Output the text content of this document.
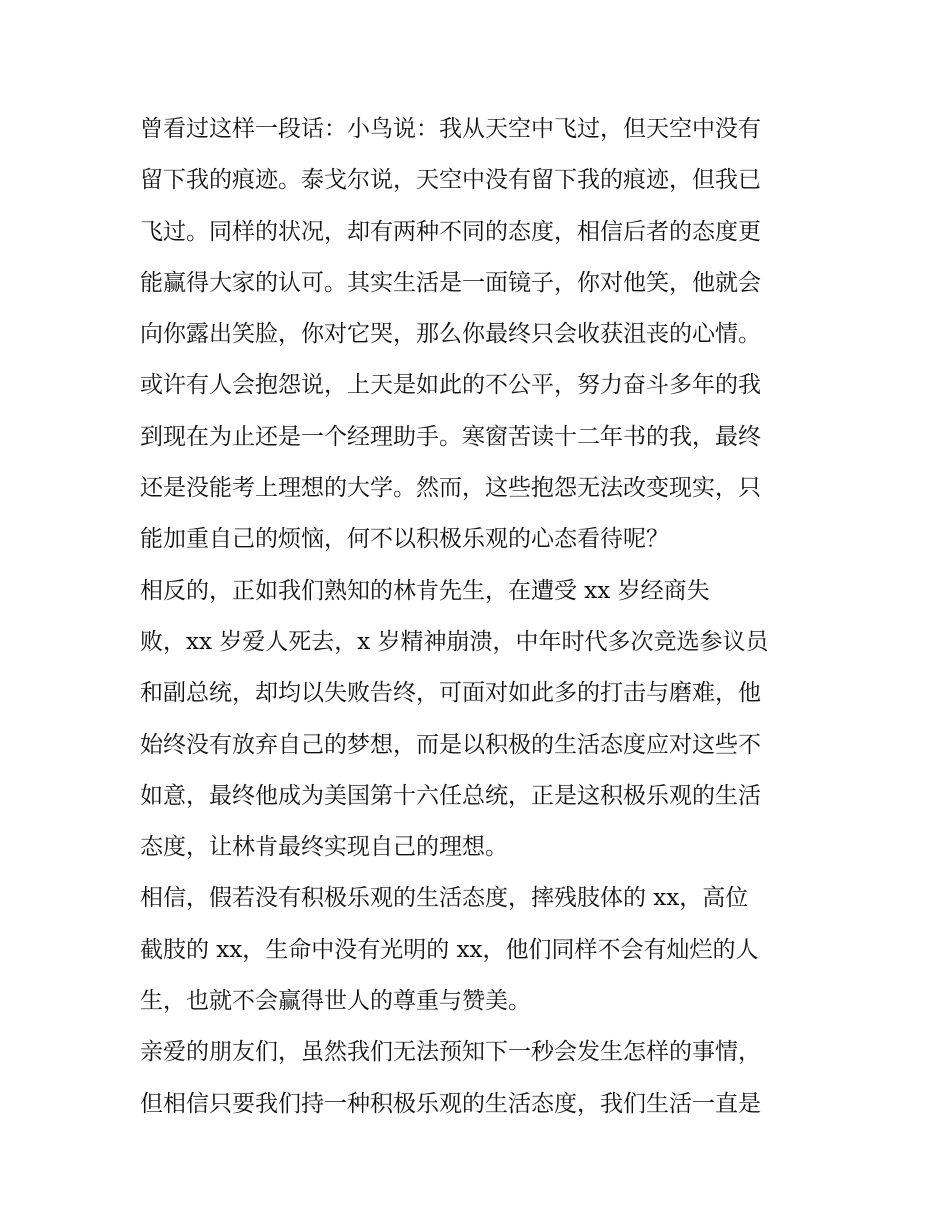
曾看过这样一段话：小鸟说：我从天空中飞过，但天空中没有
留下我的痕迹。泰戈尔说，天空中没有留下我的痕迹，但我已
飞过。同样的状况，却有两种不同的态度，相信后者的态度更
能赢得大家的认可。其实生活是一面镜子，你对他笑，他就会
向你露出笑脸，你对它哭，那么你最终只会收获沮丧的心情。
或许有人会抱怨说，上天是如此的不公平，努力奋斗多年的我
到现在为止还是一个经理助手。寒窗苦读十二年书的我，最终
还是没能考上理想的大学。然而，这些抱怨无法改变现实，只
能加重自己的烦恼，何不以积极乐观的心态看待呢？
相反的，正如我们熟知的林肯先生，在遭受 xx 岁经商失
败，xx 岁爱人死去，x 岁精神崩溃，中年时代多次竞选参议员
和副总统，却均以失败告终，可面对如此多的打击与磨难，他
始终没有放弃自己的梦想，而是以积极的生活态度应对这些不
如意，最终他成为美国第十六任总统，正是这积极乐观的生活
态度，让林肯最终实现自己的理想。
相信，假若没有积极乐观的生活态度，摔残肢体的 xx，高位
截肢的 xx，生命中没有光明的 xx，他们同样不会有灿烂的人
生，也就不会赢得世人的尊重与赞美。
亲爱的朋友们，虽然我们无法预知下一秒会发生怎样的事情，
但相信只要我们持一种积极乐观的生活态度，我们生活一直是
